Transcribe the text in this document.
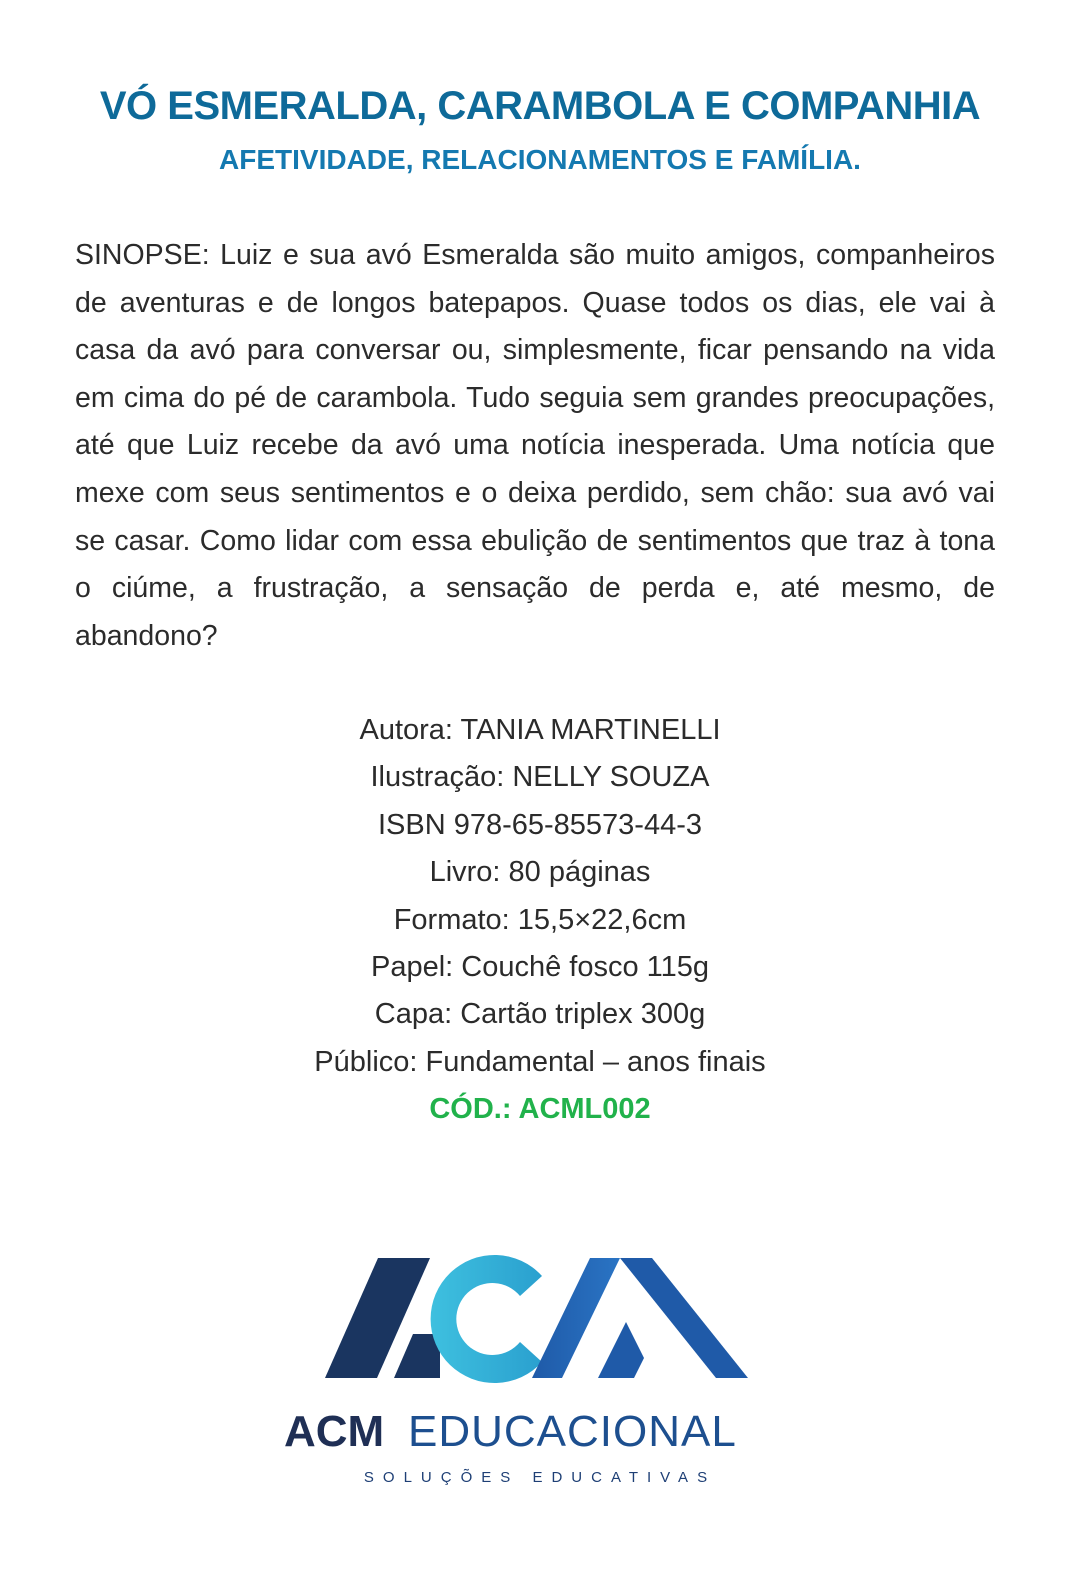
VÓ ESMERALDA, CARAMBOLA E COMPANHIA
AFETIVIDADE, RELACIONAMENTOS E FAMÍLIA.

SINOPSE: Luiz e sua avó Esmeralda são muito amigos, companheiros de aventuras e de longos batepapos. Quase todos os dias, ele vai à casa da avó para conversar ou, simplesmente, ficar pensando na vida em cima do pé de carambola. Tudo seguia sem grandes preocupações, até que Luiz recebe da avó uma notícia inesperada. Uma notícia que mexe com seus sentimentos e o deixa perdido, sem chão: sua avó vai se casar. Como lidar com essa ebulição de sentimentos que traz à tona o ciúme, a frustração, a sensação de perda e, até mesmo, de abandono?

Autora: TANIA MARTINELLI
Ilustração: NELLY SOUZA
ISBN 978-65-85573-44-3
Livro: 80 páginas
Formato: 15,5×22,6cm
Papel: Couchê fosco 115g
Capa: Cartão triplex 300g
Público: Fundamental – anos finais
CÓD.: ACML002
ACM EDUCACIONAL
SOLUÇÕES EDUCATIVAS
